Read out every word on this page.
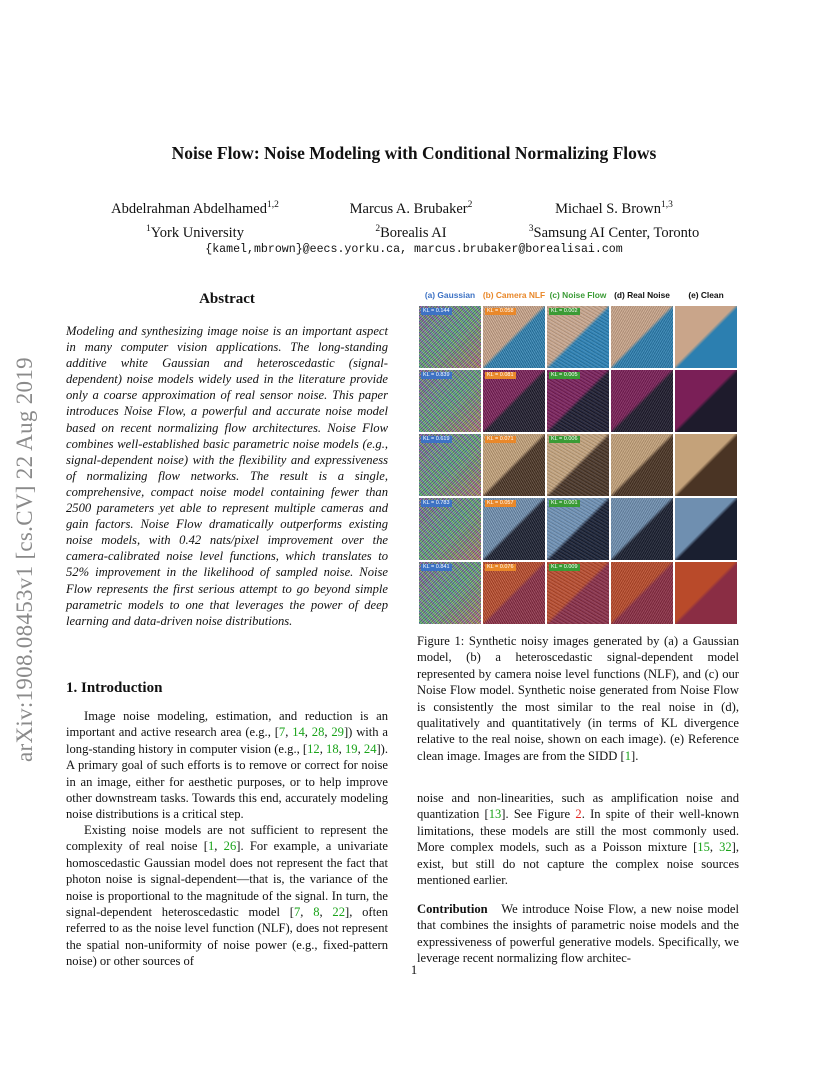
arXiv:1908.08453v1 [cs.CV] 22 Aug 2019
Noise Flow: Noise Modeling with Conditional Normalizing Flows
Abdelrahman Abdelhamed$^{1,2}$
$^1$York University
Marcus A. Brubaker$^2$
$^2$Borealis AI
Michael S. Brown$^{1,3}$
$^3$Samsung AI Center, Toronto
{kamel,mbrown}@eecs.yorku.ca, marcus.brubaker@borealisai.com
Abstract
Modeling and synthesizing image noise is an important aspect in many computer vision applications. The long-standing additive white Gaussian and heteroscedastic (signal-dependent) noise models widely used in the literature provide only a coarse approximation of real sensor noise. This paper introduces Noise Flow, a powerful and accurate noise model based on recent normalizing flow architectures. Noise Flow combines well-established basic parametric noise models (e.g., signal-dependent noise) with the flexibility and expressiveness of normalizing flow networks. The result is a single, comprehensive, compact noise model containing fewer than 2500 parameters yet able to represent multiple cameras and gain factors. Noise Flow dramatically outperforms existing noise models, with 0.42 nats/pixel improvement over the camera-calibrated noise level functions, which translates to 52% improvement in the likelihood of sampled noise. Noise Flow represents the first serious attempt to go beyond simple parametric models to one that leverages the power of deep learning and data-driven noise distributions.
1. Introduction
Image noise modeling, estimation, and reduction is an important and active research area (e.g., [7, 14, 28, 29]) with a long-standing history in computer vision (e.g., [12, 18, 19, 24]). A primary goal of such efforts is to remove or correct for noise in an image, either for aesthetic purposes, or to help improve other downstream tasks. Towards this end, accurately modeling noise distributions is a critical step.
Existing noise models are not sufficient to represent the complexity of real noise [1, 26]. For example, a univariate homoscedastic Gaussian model does not represent the fact that photon noise is signal-dependent—that is, the variance of the noise is proportional to the magnitude of the signal. In turn, the signal-dependent heteroscedastic model [7, 8, 22], often referred to as the noise level function (NLF), does not represent the spatial non-uniformity of noise power (e.g., fixed-pattern noise) or other sources of
(a) Gaussian (b) Camera NLF (c) Noise Flow (d) Real Noise	(e) Clean
KL = 0.144	KL = 0.058	KL = 0.002
KL = 0.839	KL = 0.081	KL = 0.005
KL = 0.619	KL = 0.071	KL = 0.006
KL = 0.783	KL = 0.057	KL = 0.001
KL = 0.841	KL = 0.076	KL = 0.009
Figure 1: Synthetic noisy images generated by (a) a Gaussian model, (b) a heteroscedastic signal-dependent model represented by camera noise level functions (NLF), and (c) our Noise Flow model. Synthetic noise generated from Noise Flow is consistently the most similar to the real noise in (d), qualitatively and quantitatively (in terms of KL divergence relative to the real noise, shown on each image). (e) Reference clean image. Images are from the SIDD [1].
noise and non-linearities, such as amplification noise and quantization [13]. See Figure 2. In spite of their well-known limitations, these models are still the most commonly used. More complex models, such as a Poisson mixture [15, 32], exist, but still do not capture the complex noise sources mentioned earlier.
Contribution We introduce Noise Flow, a new noise model that combines the insights of parametric noise models and the expressiveness of powerful generative models. Specifically, we leverage recent normalizing flow architec-
1
